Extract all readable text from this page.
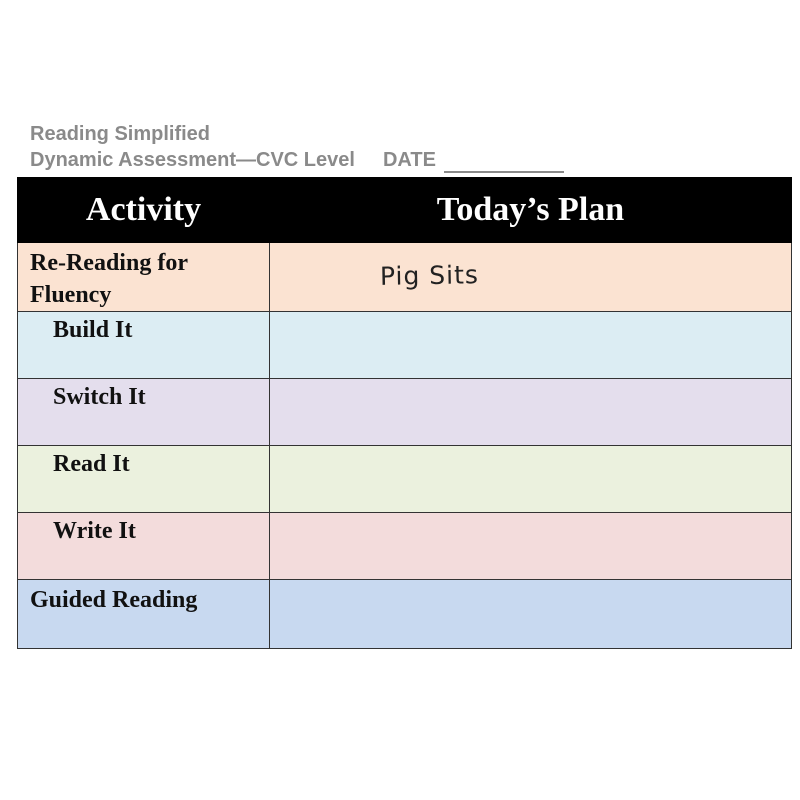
Reading Simplified
Dynamic Assessment—CVC Level DATE
Activity	Today’s Plan
Re-Reading for Fluency	Pig Sits

Build It	

Switch It	

Read It	

Write It	

Guided Reading	
